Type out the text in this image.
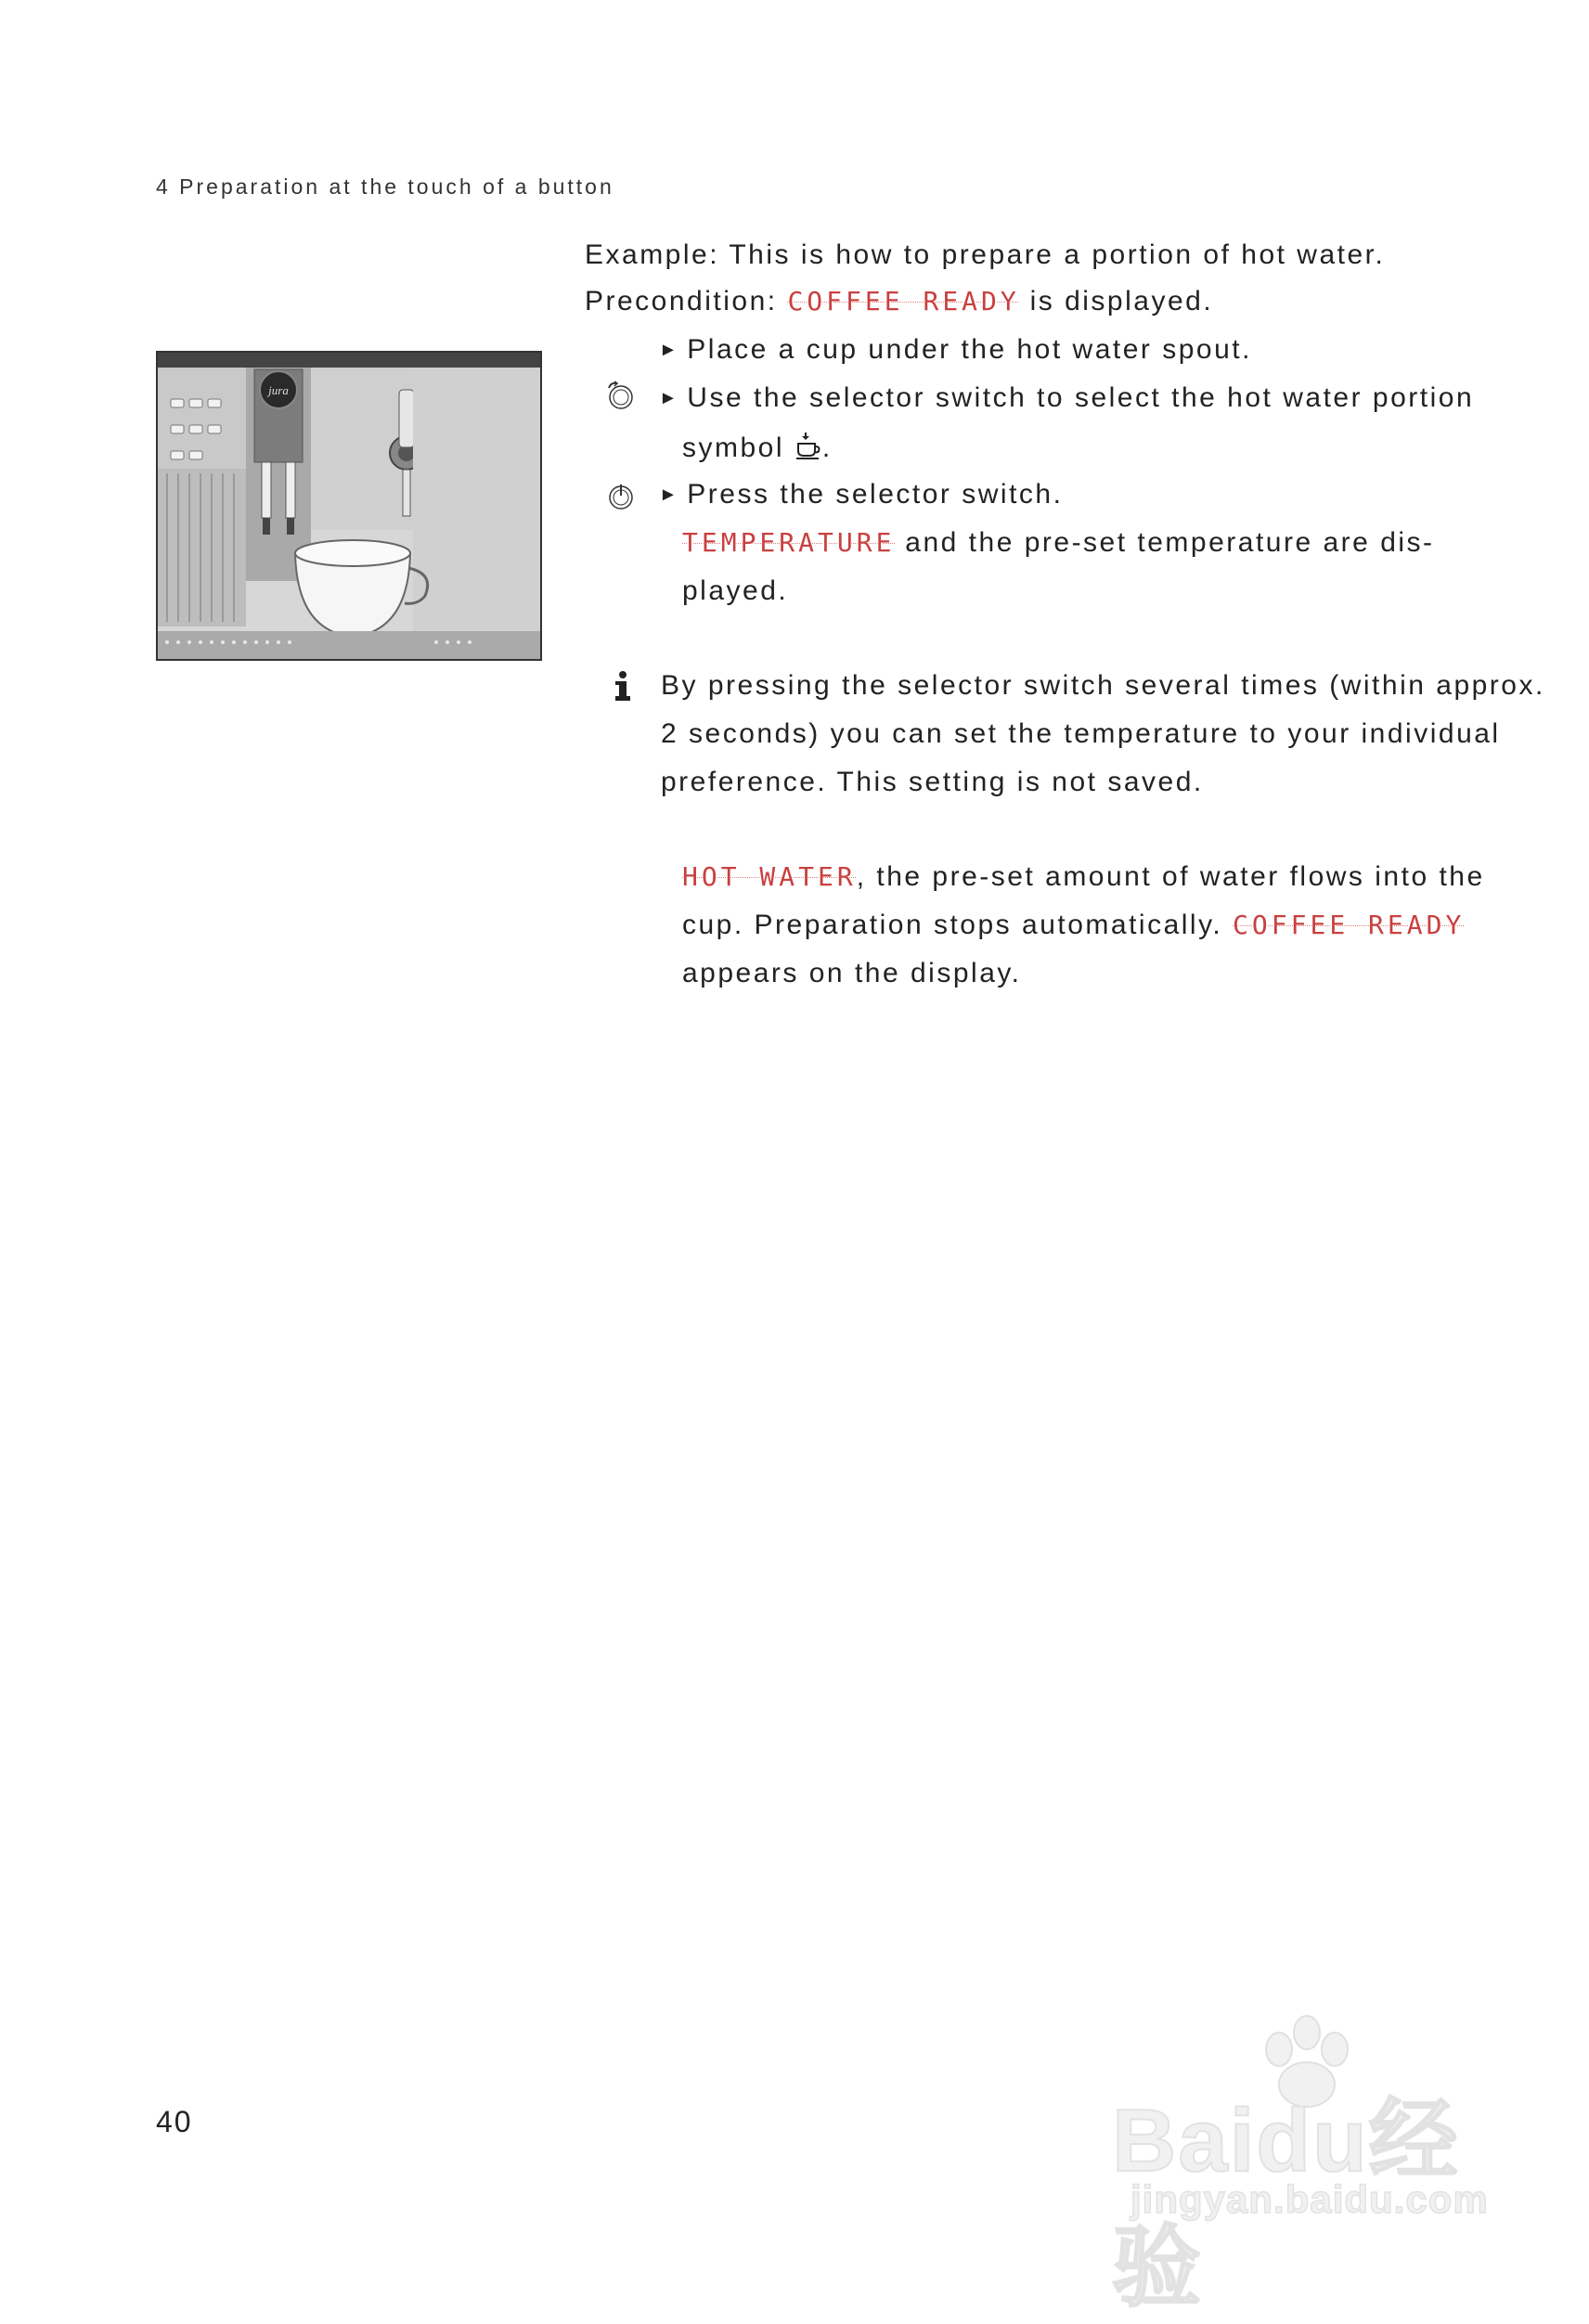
4 Preparation at the touch of a button
jura
Example: This is how to prepare a portion of hot water.
Precondition: COFFEE READY is displayed.
► Place a cup under the hot water spout.
► Use the selector switch to select the hot water portion
symbol .
► Press the selector switch.
TEMPERATURE and the pre-set temperature are dis-
played.
By pressing the selector switch several times (within approx.
2 seconds) you can set the temperature to your individual
preference. This setting is not saved.
HOT WATER, the pre-set amount of water flows into the
cup. Preparation stops automatically. COFFEE READY
appears on the display.
40	Baidu经验
jingyan.baidu.com
